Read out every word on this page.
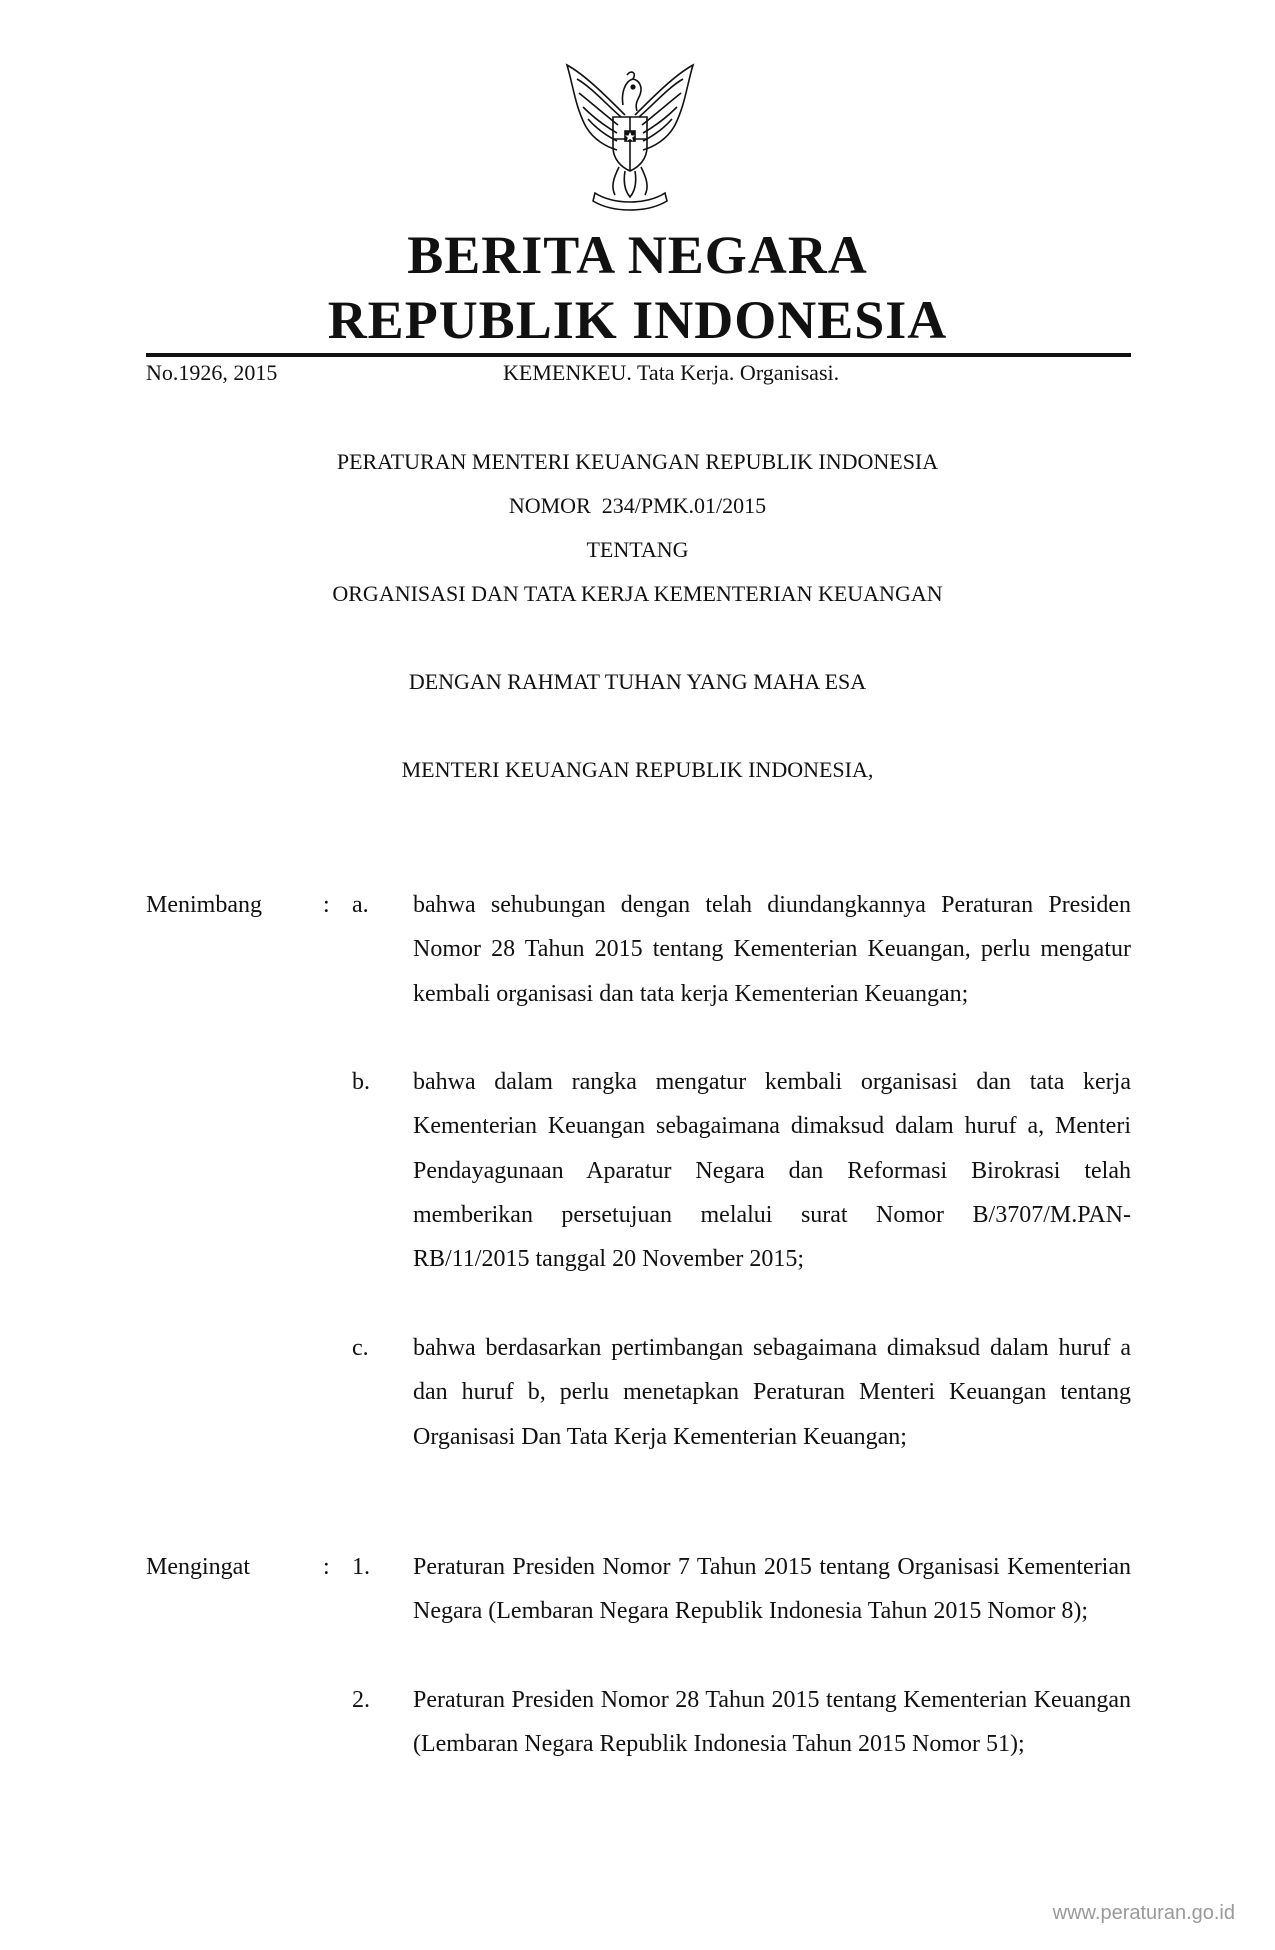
BERITA NEGARA
REPUBLIK INDONESIA
No.1926, 2015	KEMENKEU. Tata Kerja. Organisasi.
PERATURAN MENTERI KEUANGAN REPUBLIK INDONESIA
NOMOR  234/PMK.01/2015
TENTANG
ORGANISASI DAN TATA KERJA KEMENTERIAN KEUANGAN
DENGAN RAHMAT TUHAN YANG MAHA ESA
MENTERI KEUANGAN REPUBLIK INDONESIA,
Menimbang	: a. bahwa sehubungan dengan telah diundangkannya Peraturan Presiden Nomor 28 Tahun 2015 tentang Kementerian Keuangan, perlu mengatur kembali organisasi dan tata kerja Kementerian Keuangan;
b. bahwa dalam rangka mengatur kembali organisasi dan tata kerja Kementerian Keuangan sebagaimana dimaksud dalam huruf a, Menteri Pendayagunaan Aparatur Negara dan Reformasi Birokrasi telah memberikan persetujuan melalui surat Nomor B/3707/M.PAN-RB/11/2015 tanggal 20 November 2015;
c. bahwa berdasarkan pertimbangan sebagaimana dimaksud dalam huruf a dan huruf b, perlu menetapkan Peraturan Menteri Keuangan tentang Organisasi Dan Tata Kerja Kementerian Keuangan;
Mengingat	: 1. Peraturan Presiden Nomor 7 Tahun 2015 tentang Organisasi Kementerian Negara (Lembaran Negara Republik Indonesia Tahun 2015 Nomor 8);
2. Peraturan Presiden Nomor 28 Tahun 2015 tentang Kementerian Keuangan (Lembaran Negara Republik Indonesia Tahun 2015 Nomor 51);
www.peraturan.go.id
